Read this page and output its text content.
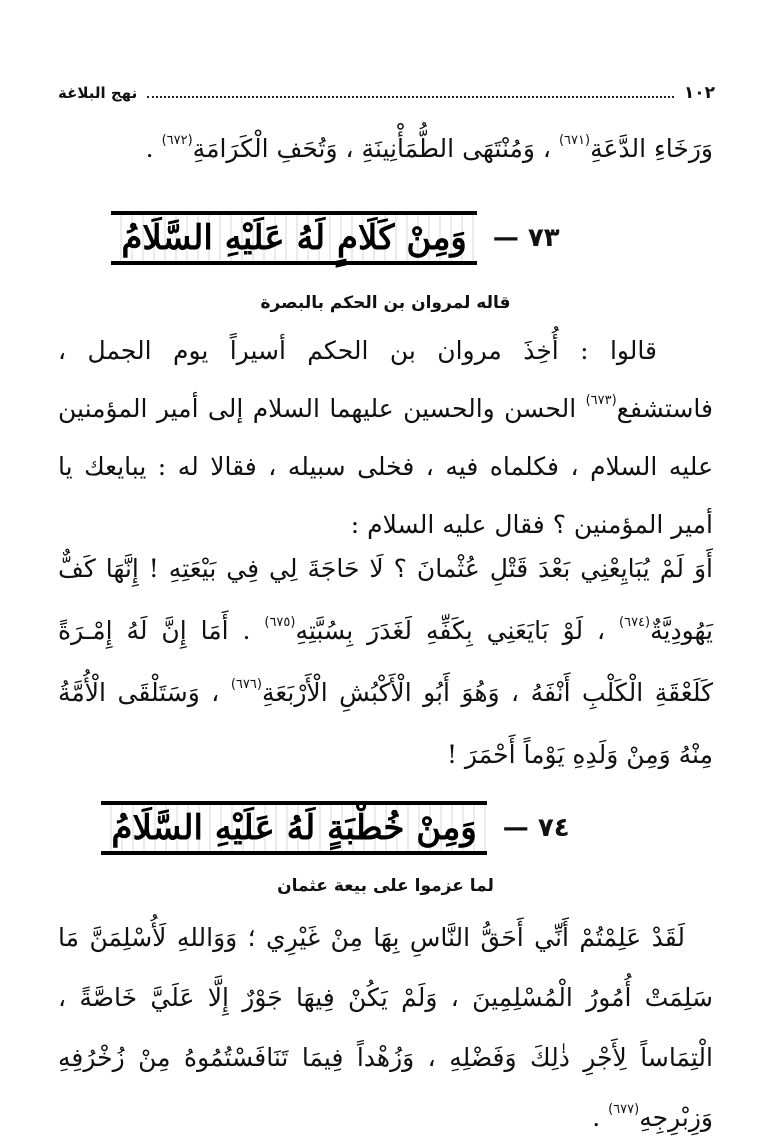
١٠٢
نهج البلاغة
وَرَخَاءِ الدَّعَةِ$^{(٦٧١)}$ ، وَمُنْتَهَى الطُّمَأْنِينَةِ ، وَتُحَفِ الْكَرَامَةِ$^{(٦٧٢)}$ .
٧٣ —
وَمِنْ كَلَامٍ لَهُ عَلَيْهِ السَّلَامُ
قاله لمروان بن الحكم بالبصرة
قالوا : أُخِذَ مروان بن الحكم أسيراً يوم الجمل ، فاستشفع$^{(٦٧٣)}$ الحسن والحسين عليهما السلام إلى أمير المؤمنين عليه السلام ، فكلماه فيه ، فخلى سبيله ، فقالا له : يبايعك يا أمير المؤمنين ؟ فقال عليه السلام :
أَوَ لَمْ يُبَايِعْنِي بَعْدَ قَتْلِ عُثْمانَ ؟ لَا حَاجَةَ لِي فِي بَيْعَتِهِ ! إِنَّهَا كَفٌّ يَهُودِيَّةٌ$^{(٦٧٤)}$ ، لَوْ بَايَعَنِي بِكَفِّهِ لَغَدَرَ بِسُبَّتِهِ$^{(٦٧٥)}$ . أَمَا إِنَّ لَهُ إِمْـرَةً كَلَعْقَةِ الْكَلْبِ أَنْفَهُ ، وَهُوَ أَبُو الْأَكْبُشِ الْأَرْبَعَةِ$^{(٦٧٦)}$ ، وَسَتَلْقَى الْأُمَّةُ مِنْهُ وَمِنْ وَلَدِهِ يَوْماً أَحْمَرَ !
٧٤ —
وَمِنْ خُطْبَةٍ لَهُ عَلَيْهِ السَّلَامُ
لما عزموا على بيعة عثمان
لَقَدْ عَلِمْتُمْ أَنِّي أَحَقُّ النَّاسِ بِهَا مِنْ غَيْرِي ؛ وَوَاللهِ لَأُسْلِمَنَّ مَا سَلِمَتْ أُمُورُ الْمُسْلِمِينَ ، وَلَمْ يَكُنْ فِيهَا جَوْرٌ إِلَّا عَلَيَّ خَاصَّةً ، الْتِمَاساً لِأَجْرِ ذٰلِكَ وَفَضْلِهِ ، وَزُهْداً فِيمَا تَنَافَسْتُمُوهُ مِنْ زُخْرُفِهِ وَزِبْرِجِهِ$^{(٦٧٧)}$ .
